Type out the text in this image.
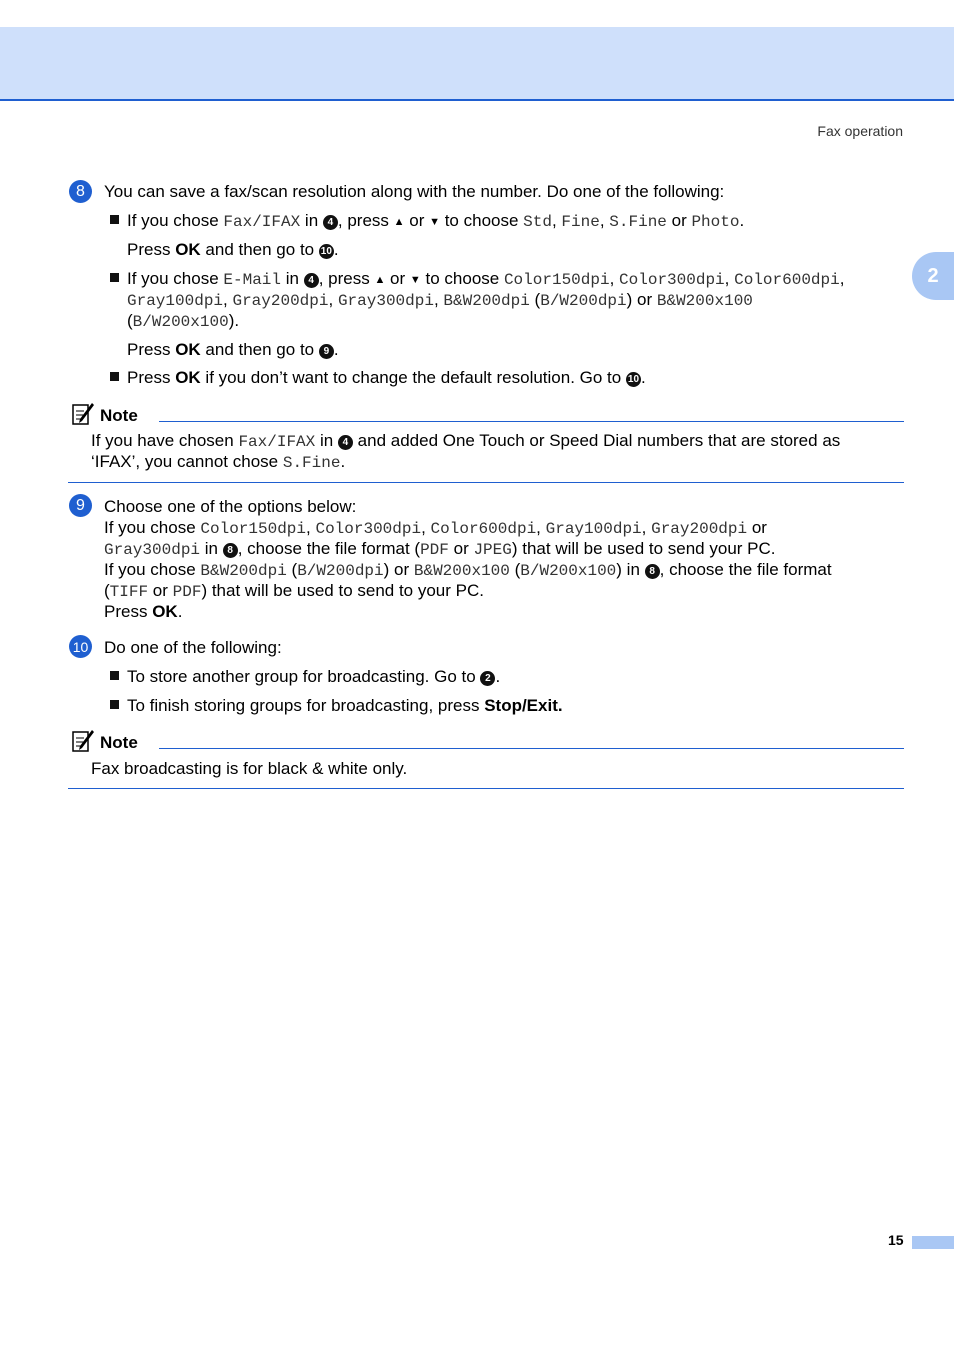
Fax operation
2
8	You can save a fax/scan resolution along with the number. Do one of the following:
If you chose Fax/IFAX in 4 , press ▲ or ▼ to choose Std, Fine, S.Fine or Photo.
Press OK and then go to 10 .
If you chose E-Mail in 4 , press ▲ or ▼ to choose Color150dpi, Color300dpi, Color600dpi,
Gray100dpi, Gray200dpi, Gray300dpi, B&W200dpi (B/W200dpi) or B&W200x100
(B/W200x100).
Press OK and then go to 9 .
Press OK if you don’t want to change the default resolution. Go to 10 .
Note
If you have chosen Fax/IFAX in 4 and added One Touch or Speed Dial numbers that are stored as
‘IFAX’, you cannot chose S.Fine.
9	Choose one of the options below:
If you chose Color150dpi, Color300dpi, Color600dpi, Gray100dpi, Gray200dpi or
Gray300dpi in 8 , choose the file format (PDF or JPEG) that will be used to send your PC.
If you chose B&W200dpi (B/W200dpi) or B&W200x100 (B/W200x100) in 8 , choose the file format
(TIFF or PDF) that will be used to send to your PC.
Press OK.
10 Do one of the following:
To store another group for broadcasting. Go to 2 .
To finish storing groups for broadcasting, press Stop/Exit.
Note
Fax broadcasting is for black & white only.
15
